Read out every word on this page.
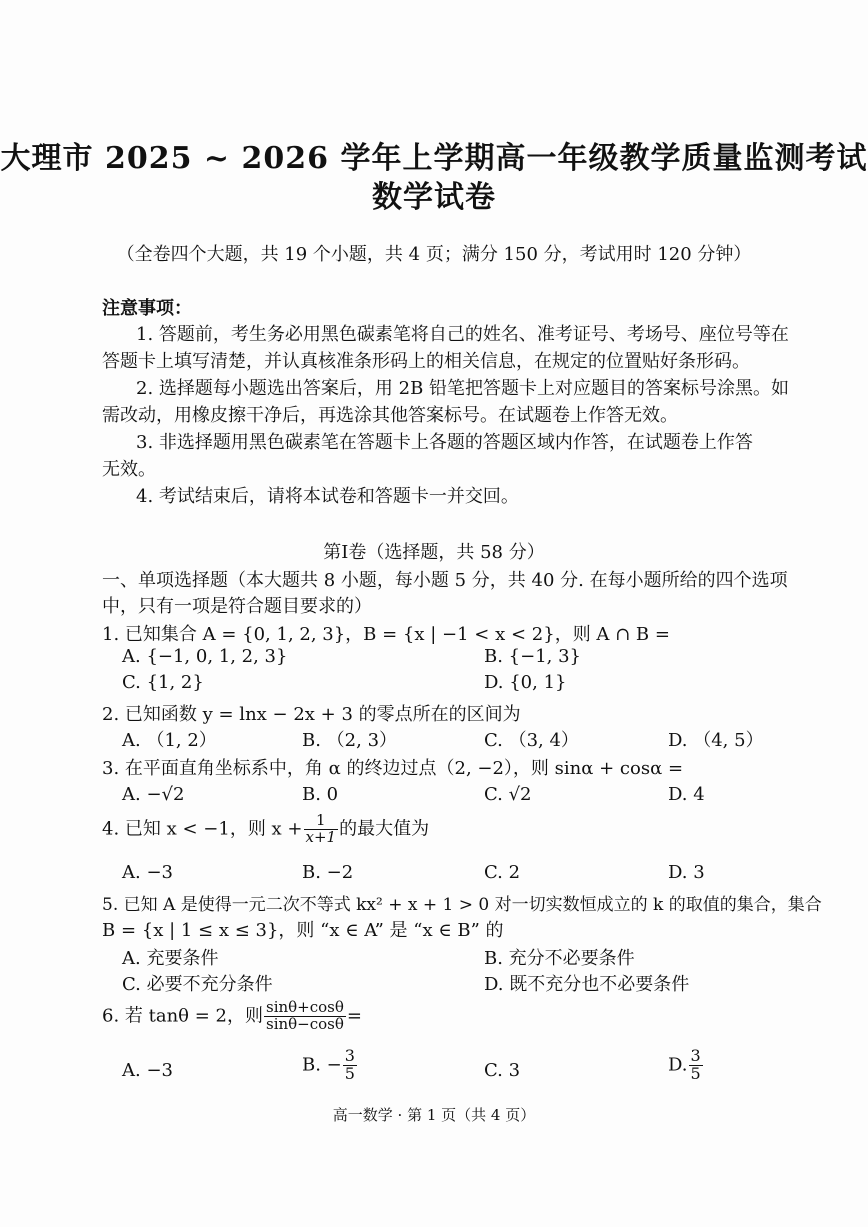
大理市 2025 ~ 2026 学年上学期高一年级教学质量监测考试
数学试卷
（全卷四个大题，共 19 个小题，共 4 页；满分 150 分，考试用时 120 分钟）
注意事项：
1. 答题前，考生务必用黑色碳素笔将自己的姓名、准考证号、考场号、座位号等在
答题卡上填写清楚，并认真核准条形码上的相关信息，在规定的位置贴好条形码。
2. 选择题每小题选出答案后，用 2B 铅笔把答题卡上对应题目的答案标号涂黑。如
需改动，用橡皮擦干净后，再选涂其他答案标号。在试题卷上作答无效。
3. 非选择题用黑色碳素笔在答题卡上各题的答题区域内作答，在试题卷上作答
无效。
4. 考试结束后，请将本试卷和答题卡一并交回。
第Ⅰ卷（选择题，共 58 分）
一、单项选择题（本大题共 8 小题，每小题 5 分，共 40 分. 在每小题所给的四个选项
中，只有一项是符合题目要求的）
1. 已知集合 A = {0, 1, 2, 3}，B = {x | −1 < x < 2}，则 A ∩ B =
A. {−1, 0, 1, 2, 3}	B. {−1, 3}
C. {1, 2}	D. {0, 1}
2. 已知函数 y = lnx − 2x + 3 的零点所在的区间为
A. （1, 2）	B. （2, 3）	C. （3, 4）	D. （4, 5）
3. 在平面直角坐标系中，角 α 的终边过点（2, −2），则 sinα + cosα =
A. −√2	B. 0	C. √2	D. 4
4. 已知 x < −1，则 $x + \frac{1}{x+1}$ 的最大值为
A. −3	B. −2	C. 2	D. 3
5. 已知 A 是使得一元二次不等式 kx² + x + 1 > 0 对一切实数恒成立的 k 的取值的集合，集合
B = {x | 1 ≤ x ≤ 3}，则 “x ∈ A” 是 “x ∈ B” 的
A. 充要条件	B. 充分不必要条件
C. 必要不充分条件	D. 既不充分也不必要条件
6. 若 tanθ = 2，则 $\frac{\sin\theta+\cos\theta}{\sin\theta-\cos\theta}$ =
A. −3	B. − $\frac{3}{5}$	C. 3	D. $\frac{3}{5}$
高一数学 · 第 1 页（共 4 页）
